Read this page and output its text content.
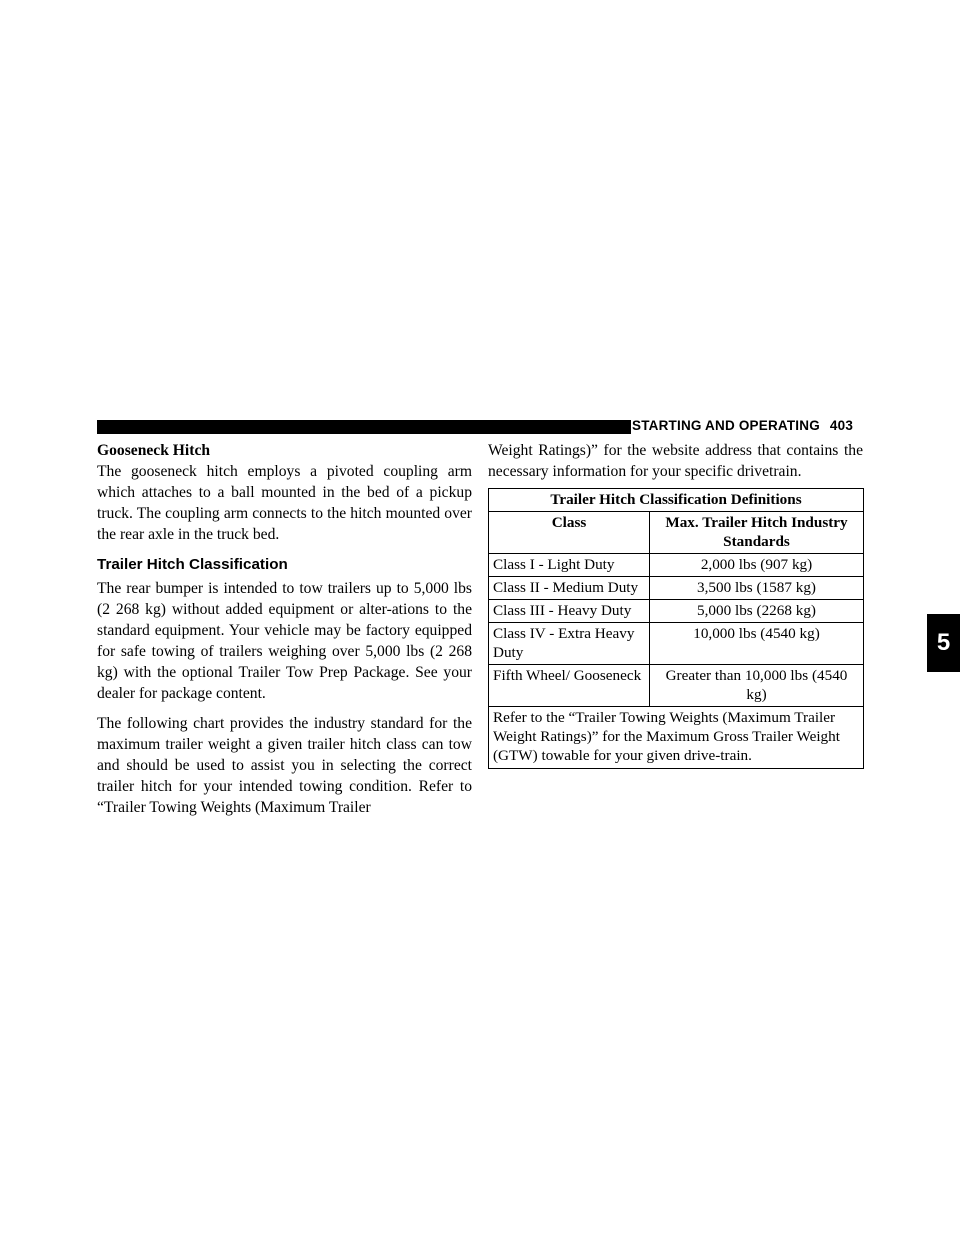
STARTING AND OPERATING 403

Gooseneck Hitch

The gooseneck hitch employs a pivoted coupling arm which attaches to a ball mounted in the bed of a pickup truck. The coupling arm connects to the hitch mounted over the rear axle in the truck bed.

Trailer Hitch Classification

The rear bumper is intended to tow trailers up to 5,000 lbs (2 268 kg) without added equipment or alter-ations to the standard equipment. Your vehicle may be factory equipped for safe towing of trailers weighing over 5,000 lbs (2 268 kg) with the optional Trailer Tow Prep Package. See your dealer for package content.

The following chart provides the industry standard for the maximum trailer weight a given trailer hitch class can tow and should be used to assist you in selecting the correct trailer hitch for your intended towing condition. Refer to “Trailer Towing Weights (Maximum Trailer

Weight Ratings)” for the website address that contains the necessary information for your specific drivetrain.

Trailer Hitch Classification Definitions	
Class	Max. Trailer Hitch Industry Standards
Class I - Light Duty	2,000 lbs (907 kg)
Class II - Medium Duty	3,500 lbs (1587 kg)
Class III - Heavy Duty	5,000 lbs (2268 kg)
Class IV - Extra Heavy Duty	10,000 lbs (4540 kg)
Fifth Wheel/ Gooseneck	Greater than 10,000 lbs (4540 kg)
Refer to the “Trailer Towing Weights (Maximum Trailer Weight Ratings)” for the Maximum Gross Trailer Weight (GTW) towable for your given drive-train.	
5
